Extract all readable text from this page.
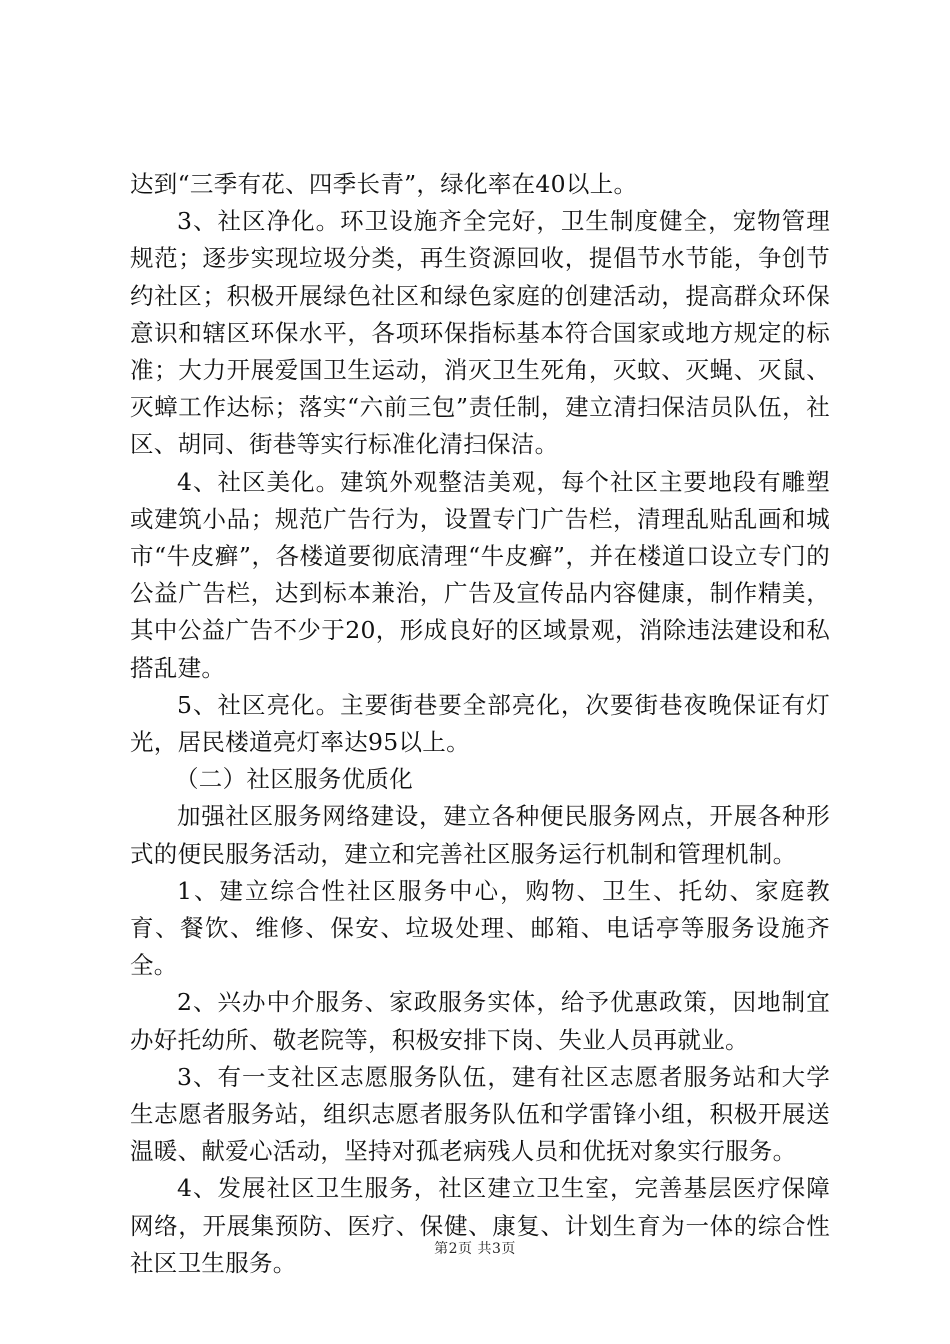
达到“三季有花、四季长青”，绿化率在40以上。

3、社区净化。环卫设施齐全完好，卫生制度健全，宠物管理规范；逐步实现垃圾分类，再生资源回收，提倡节水节能，争创节约社区；积极开展绿色社区和绿色家庭的创建活动，提高群众环保意识和辖区环保水平，各项环保指标基本符合国家或地方规定的标准；大力开展爱国卫生运动，消灭卫生死角，灭蚊、灭蝇、灭鼠、灭蟑工作达标；落实“六前三包”责任制，建立清扫保洁员队伍，社区、胡同、街巷等实行标准化清扫保洁。

4、社区美化。建筑外观整洁美观，每个社区主要地段有雕塑或建筑小品；规范广告行为，设置专门广告栏，清理乱贴乱画和城市“牛皮癣”，各楼道要彻底清理“牛皮癣”，并在楼道口设立专门的公益广告栏，达到标本兼治，广告及宣传品内容健康，制作精美，其中公益广告不少于20，形成良好的区域景观，消除违法建设和私搭乱建。

5、社区亮化。主要街巷要全部亮化，次要街巷夜晚保证有灯光，居民楼道亮灯率达95以上。

（二）社区服务优质化

加强社区服务网络建设，建立各种便民服务网点，开展各种形式的便民服务活动，建立和完善社区服务运行机制和管理机制。

1、建立综合性社区服务中心，购物、卫生、托幼、家庭教育、餐饮、维修、保安、垃圾处理、邮箱、电话亭等服务设施齐全。

2、兴办中介服务、家政服务实体，给予优惠政策，因地制宜办好托幼所、敬老院等，积极安排下岗、失业人员再就业。

3、有一支社区志愿服务队伍，建有社区志愿者服务站和大学生志愿者服务站，组织志愿者服务队伍和学雷锋小组，积极开展送温暖、献爱心活动，坚持对孤老病残人员和优抚对象实行服务。

4、发展社区卫生服务，社区建立卫生室，完善基层医疗保障网络，开展集预防、医疗、保健、康复、计划生育为一体的综合性社区卫生服务。	第2页 共3页
